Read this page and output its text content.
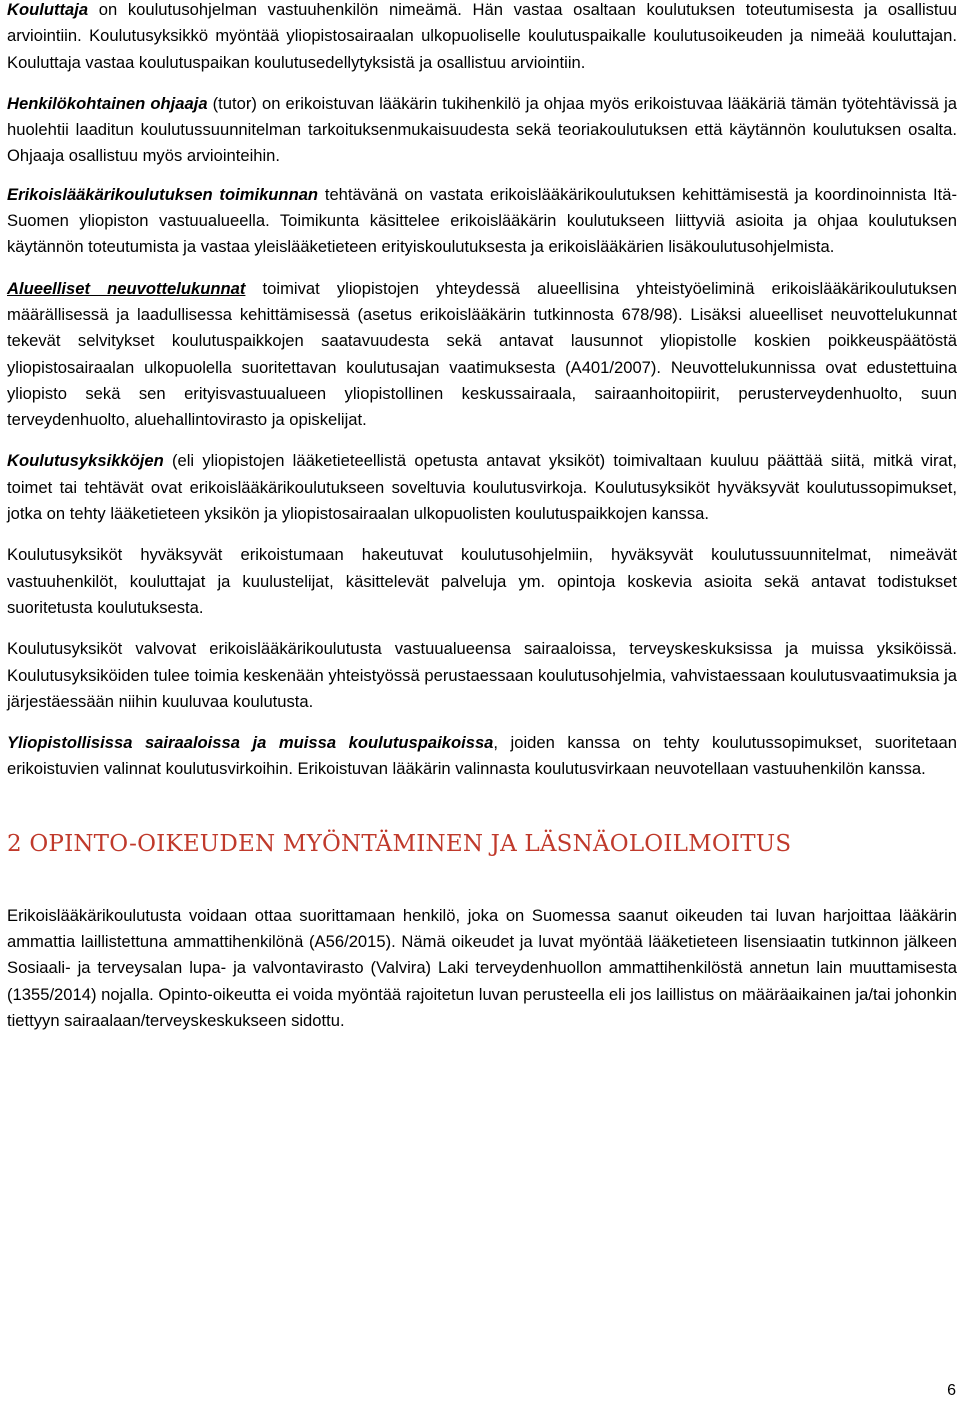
Kouluttaja on koulutusohjelman vastuuhenkilön nimeämä. Hän vastaa osaltaan koulutuksen toteutumisesta ja osallistuu arviointiin. Koulutusyksikkö myöntää yliopistosairaalan ulkopuoliselle koulutuspaikalle koulutusoikeuden ja nimeää kouluttajan. Kouluttaja vastaa koulutuspaikan koulutusedellytyksistä ja osallistuu arviointiin.

Henkilökohtainen ohjaaja (tutor) on erikoistuvan lääkärin tukihenkilö ja ohjaa myös erikoistuvaa lääkäriä tämän työtehtävissä ja huolehtii laaditun koulutussuunnitelman tarkoituksenmukaisuudesta sekä teoriakoulutuksen että käytännön koulutuksen osalta. Ohjaaja osallistuu myös arviointeihin.

Erikoislääkärikoulutuksen toimikunnan tehtävänä on vastata erikoislääkärikoulutuksen kehittämisestä ja koordinoinnista Itä-Suomen yliopiston vastuualueella. Toimikunta käsittelee erikoislääkärin koulutukseen liittyviä asioita ja ohjaa koulutuksen käytännön toteutumista ja vastaa yleislääketieteen erityiskoulutuksesta ja erikoislääkärien lisäkoulutusohjelmista.

Alueelliset neuvottelukunnat toimivat yliopistojen yhteydessä alueellisina yhteistyöeliminä erikoislääkärikoulutuksen määrällisessä ja laadullisessa kehittämisessä (asetus erikoislääkärin tutkinnosta 678/98). Lisäksi alueelliset neuvottelukunnat tekevät selvitykset koulutuspaikkojen saatavuudesta sekä antavat lausunnot yliopistolle koskien poikkeuspäätöstä yliopistosairaalan ulkopuolella suoritettavan koulutusajan vaatimuksesta (A401/2007). Neuvottelukunnissa ovat edustettuina yliopisto sekä sen erityisvastuualueen yliopistollinen keskussairaala, sairaanhoitopiirit, perusterveydenhuolto, suun terveydenhuolto, aluehallintovirasto ja opiskelijat.

Koulutusyksikköjen (eli yliopistojen lääketieteellistä opetusta antavat yksiköt) toimivaltaan kuuluu päättää siitä, mitkä virat, toimet tai tehtävät ovat erikoislääkärikoulutukseen soveltuvia koulutusvirkoja. Koulutusyksiköt hyväksyvät koulutussopimukset, jotka on tehty lääketieteen yksikön ja yliopistosairaalan ulkopuolisten koulutuspaikkojen kanssa.

Koulutusyksiköt hyväksyvät erikoistumaan hakeutuvat koulutusohjelmiin, hyväksyvät koulutussuunnitelmat, nimeävät vastuuhenkilöt, kouluttajat ja kuulustelijat, käsittelevät palveluja ym. opintoja koskevia asioita sekä antavat todistukset suoritetusta koulutuksesta.

Koulutusyksiköt valvovat erikoislääkärikoulutusta vastuualueensa sairaaloissa, terveyskeskuksissa ja muissa yksiköissä. Koulutusyksiköiden tulee toimia keskenään yhteistyössä perustaessaan koulutusohjelmia, vahvistaessaan koulutusvaatimuksia ja järjestäessään niihin kuuluvaa koulutusta.

Yliopistollisissa sairaaloissa ja muissa koulutuspaikoissa, joiden kanssa on tehty koulutussopimukset, suoritetaan erikoistuvien valinnat koulutusvirkoihin. Erikoistuvan lääkärin valinnasta koulutusvirkaan neuvotellaan vastuuhenkilön kanssa.

2 OPINTO-OIKEUDEN MYÖNTÄMINEN JA LÄSNÄOLOILMOITUS

Erikoislääkärikoulutusta voidaan ottaa suorittamaan henkilö, joka on Suomessa saanut oikeuden tai luvan harjoittaa lääkärin ammattia laillistettuna ammattihenkilönä (A56/2015). Nämä oikeudet ja luvat myöntää lääketieteen lisensiaatin tutkinnon jälkeen Sosiaali- ja terveysalan lupa- ja valvontavirasto (Valvira) Laki terveydenhuollon ammattihenkilöstä annetun lain muuttamisesta (1355/2014) nojalla. Opinto-oikeutta ei voida myöntää rajoitetun luvan perusteella eli jos laillistus on määräaikainen ja/tai johonkin tiettyyn sairaalaan/terveyskeskukseen sidottu.

6
